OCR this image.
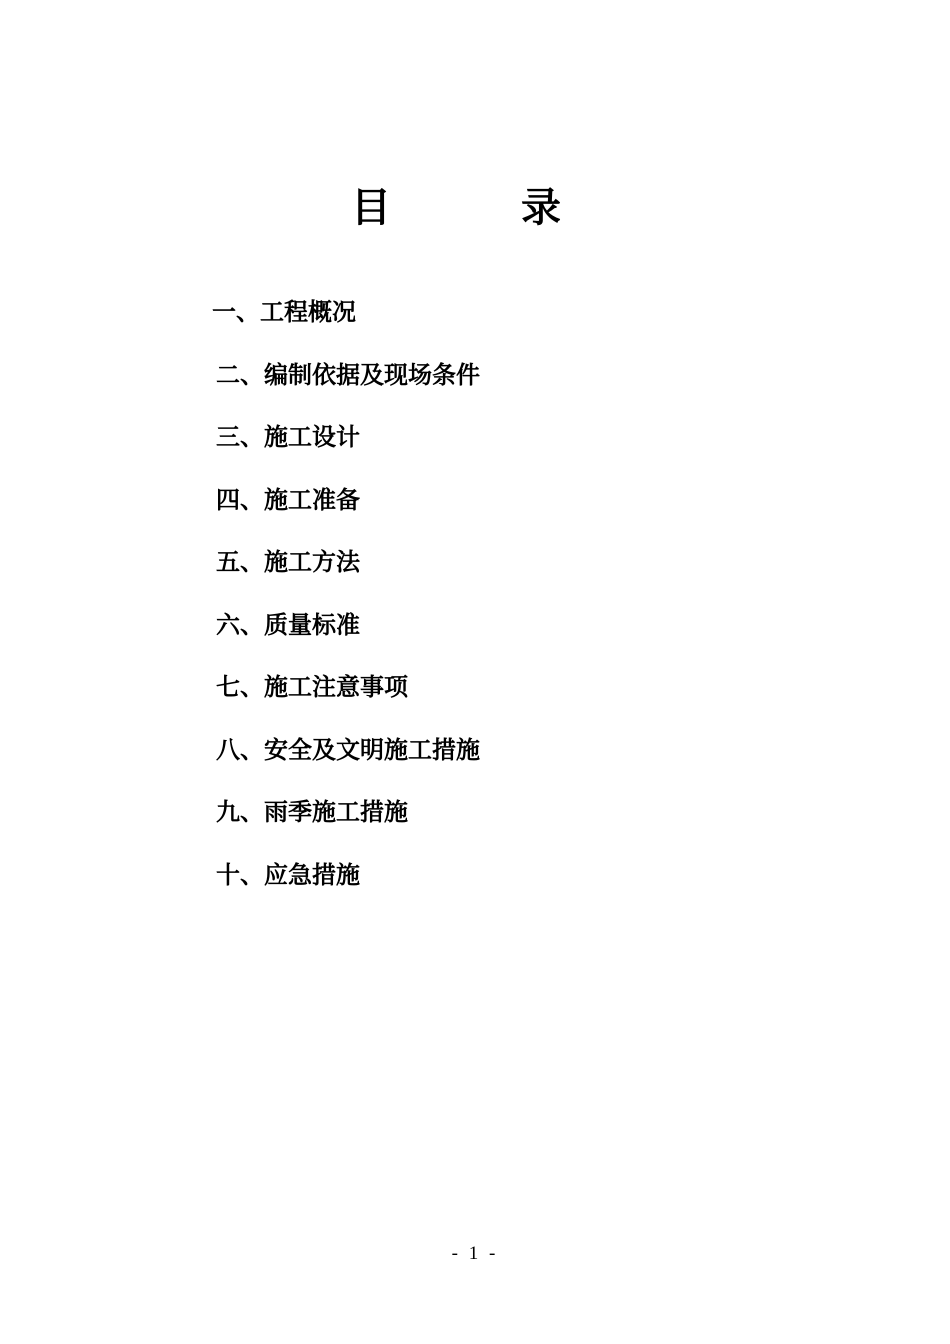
目 录
一、工程概况
二、编制依据及现场条件
三、施工设计
四、施工准备
五、施工方法
六、质量标准
七、施工注意事项
八、安全及文明施工措施
九、雨季施工措施
十、应急措施
- 1 -
